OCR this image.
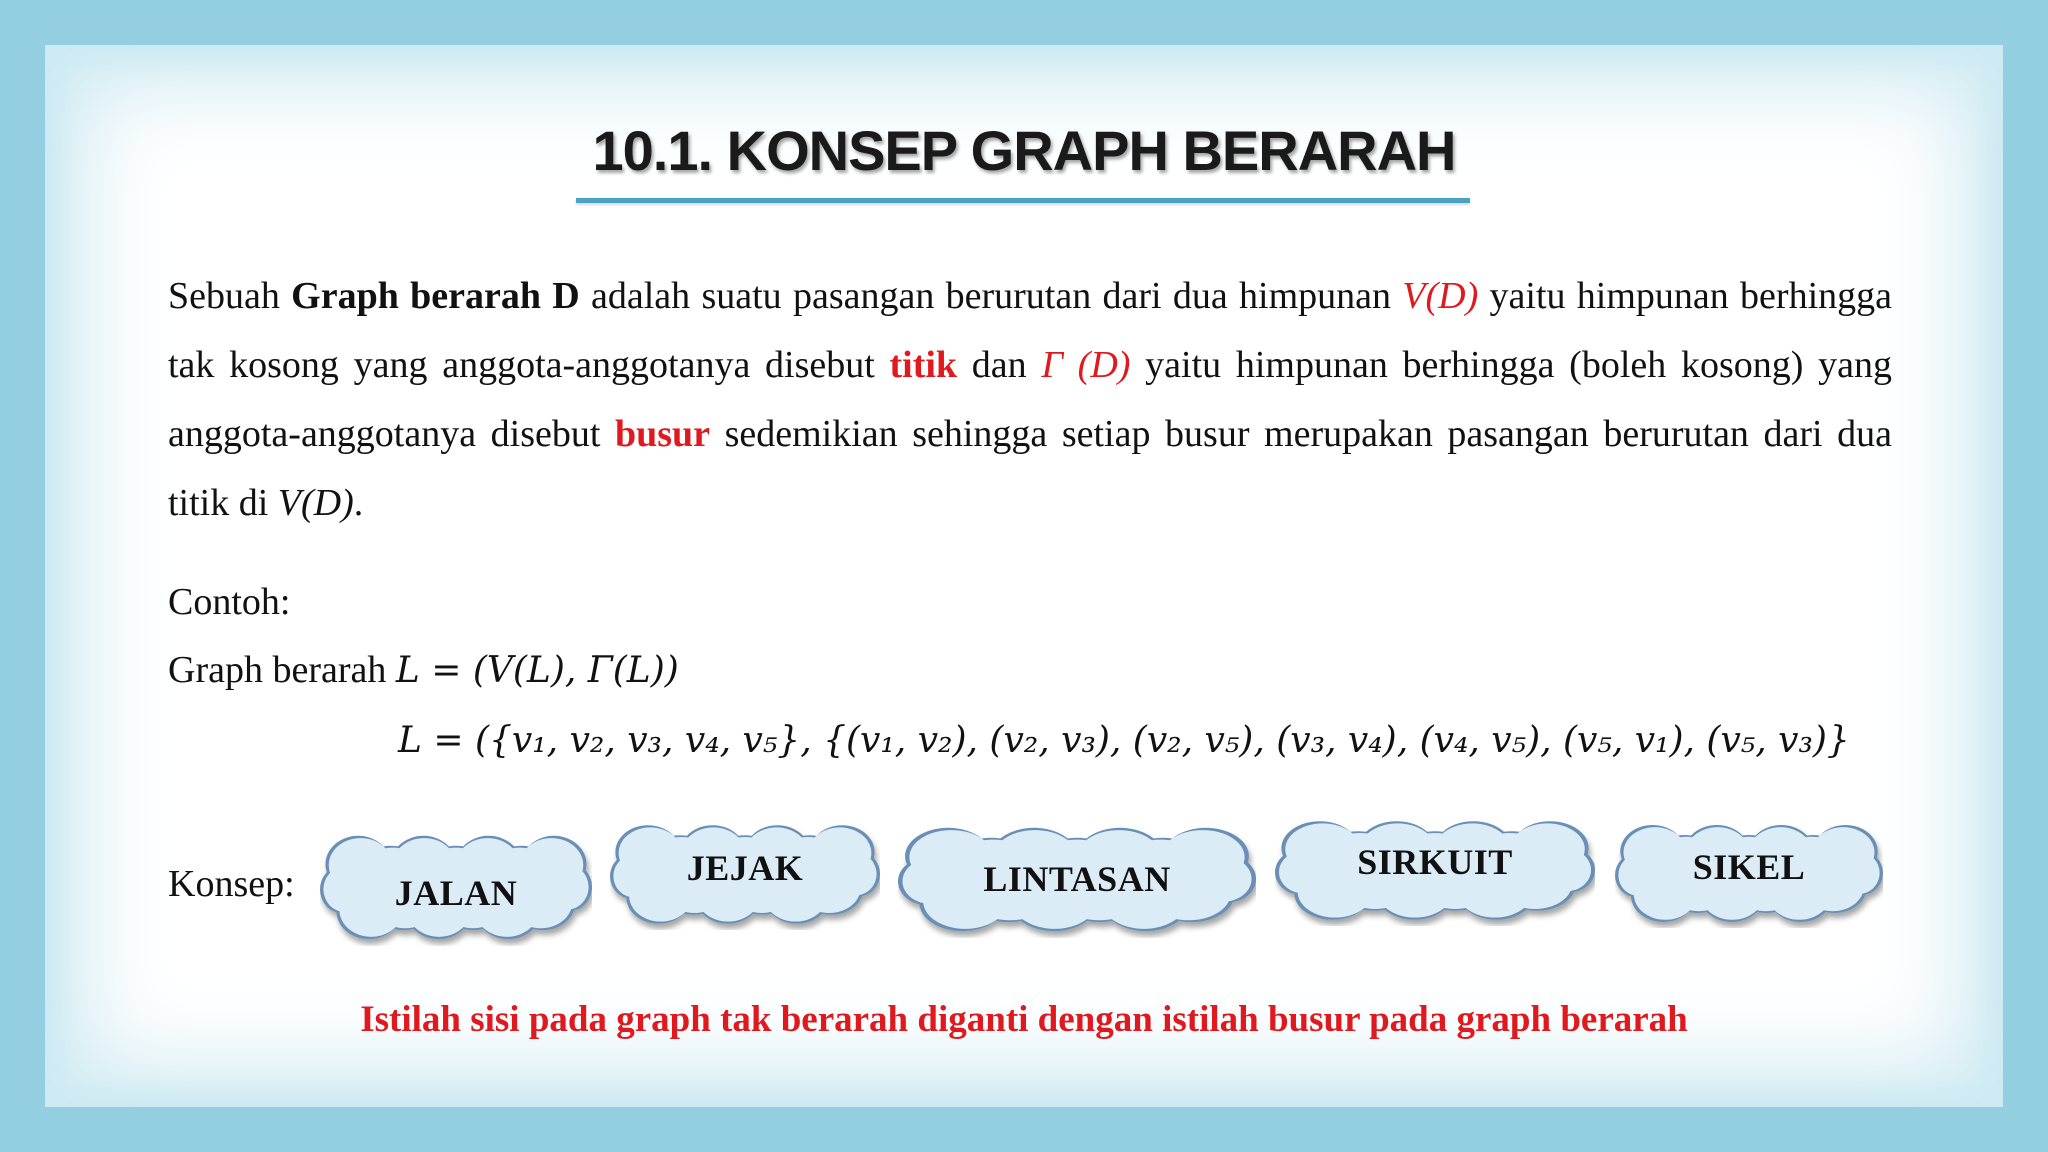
10.1. KONSEP GRAPH BERARAH
Sebuah Graph berarah D adalah suatu pasangan berurutan dari dua himpunan V(D) yaitu himpunan berhingga tak kosong yang anggota-anggotanya disebut titik dan Γ (D) yaitu himpunan berhingga (boleh kosong) yang anggota-anggotanya disebut busur sedemikian sehingga setiap busur merupakan pasangan berurutan dari dua titik di V(D).
Contoh:
Graph berarah L = (V(L), Γ(L))
L = ({v₁, v₂, v₃, v₄, v₅}, {(v₁, v₂), (v₂, v₃), (v₂, v₅), (v₃, v₄), (v₄, v₅), (v₅, v₁), (v₅, v₃)}
Konsep:	JALAN
JEJAK	LINTASAN	SIRKUIT	SIKEL
Istilah sisi pada graph tak berarah diganti dengan istilah busur pada graph berarah
